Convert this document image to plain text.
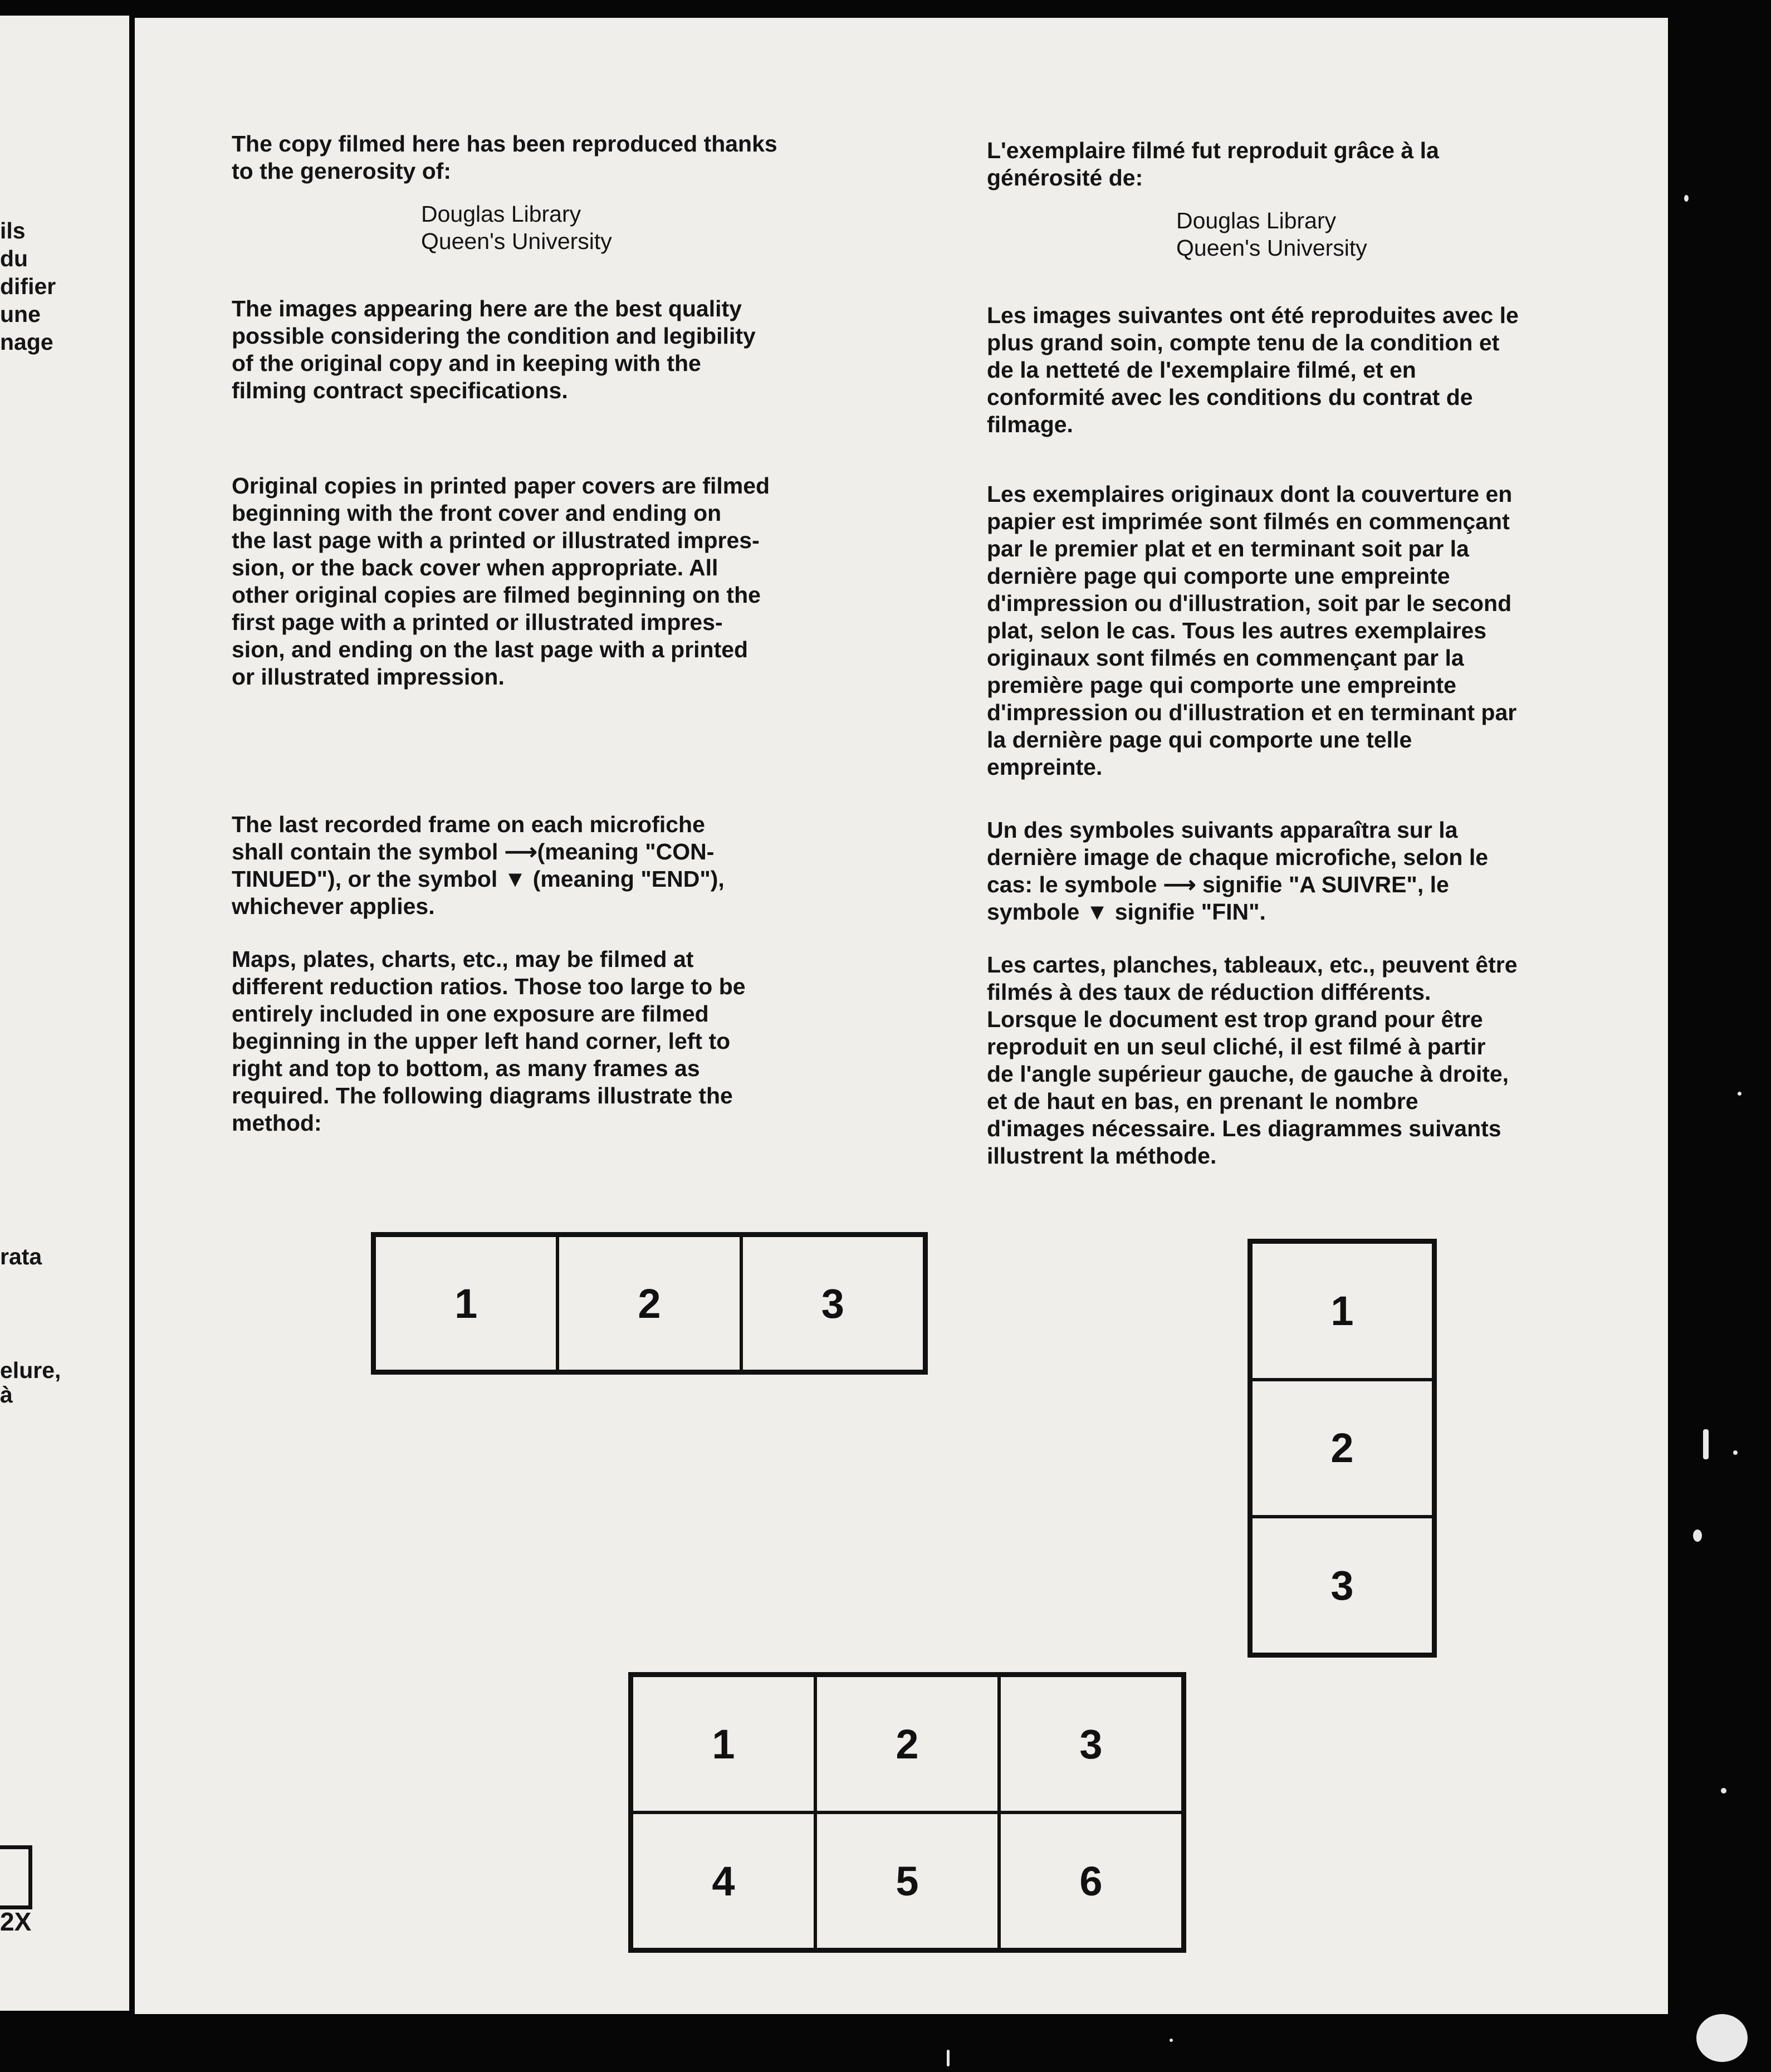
ils
du
difier
une
nage
rata
elure,
à
2X

The copy filmed here has been reproduced thanks
to the generosity of:

Douglas Library
Queen's University

The images appearing here are the best quality
possible considering the condition and legibility
of the original copy and in keeping with the
filming contract specifications.

Original copies in printed paper covers are filmed
beginning with the front cover and ending on
the last page with a printed or illustrated impres-
sion, or the back cover when appropriate. All
other original copies are filmed beginning on the
first page with a printed or illustrated impres-
sion, and ending on the last page with a printed
or illustrated impression.

The last recorded frame on each microfiche
shall contain the symbol ⟶(meaning "CON-
TINUED"), or the symbol ▼ (meaning "END"),
whichever applies.

Maps, plates, charts, etc., may be filmed at
different reduction ratios. Those too large to be
entirely included in one exposure are filmed
beginning in the upper left hand corner, left to
right and top to bottom, as many frames as
required. The following diagrams illustrate the
method:

L'exemplaire filmé fut reproduit grâce à la
générosité de:

Douglas Library
Queen's University

Les images suivantes ont été reproduites avec le
plus grand soin, compte tenu de la condition et
de la netteté de l'exemplaire filmé, et en
conformité avec les conditions du contrat de
filmage.

Les exemplaires originaux dont la couverture en
papier est imprimée sont filmés en commençant
par le premier plat et en terminant soit par la
dernière page qui comporte une empreinte
d'impression ou d'illustration, soit par le second
plat, selon le cas. Tous les autres exemplaires
originaux sont filmés en commençant par la
première page qui comporte une empreinte
d'impression ou d'illustration et en terminant par
la dernière page qui comporte une telle
empreinte.

Un des symboles suivants apparaîtra sur la
dernière image de chaque microfiche, selon le
cas: le symbole ⟶ signifie "A SUIVRE", le
symbole ▼ signifie "FIN".

Les cartes, planches, tableaux, etc., peuvent être
filmés à des taux de réduction différents.
Lorsque le document est trop grand pour être
reproduit en un seul cliché, il est filmé à partir
de l'angle supérieur gauche, de gauche à droite,
et de haut en bas, en prenant le nombre
d'images nécessaire. Les diagrammes suivants
illustrent la méthode.

1	2	3	1
2
3
1	2	3
4	5	6
